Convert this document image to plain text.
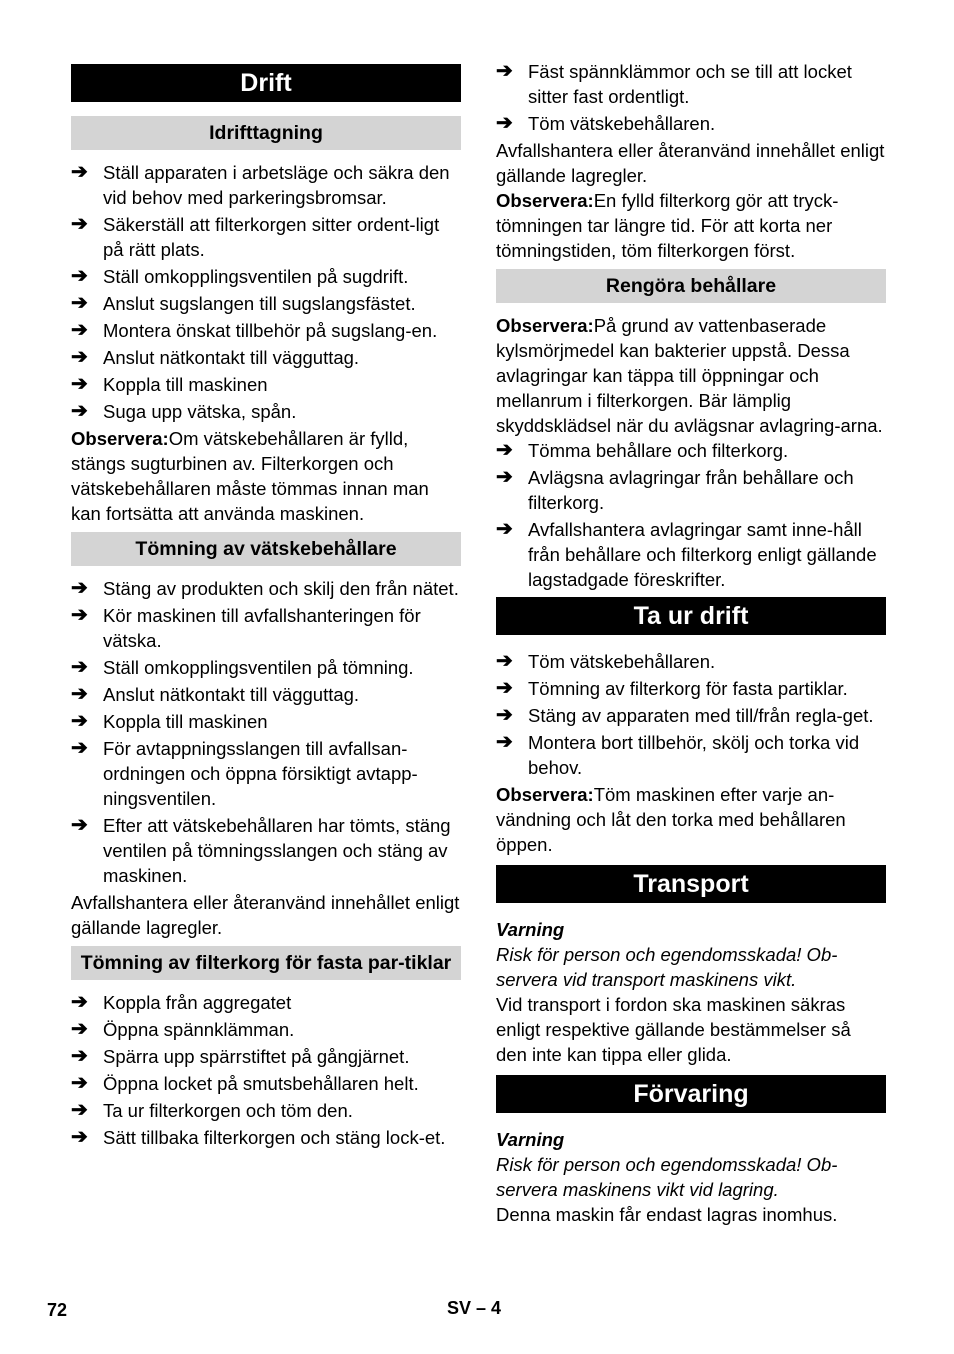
Drift
Idrifttagning
➔ Ställ apparaten i arbetsläge och säkra den vid behov med parkeringsbromsar.
➔ Säkerställ att filterkorgen sitter ordent-ligt på rätt plats.
➔ Ställ omkopplingsventilen på sugdrift.
➔ Anslut sugslangen till sugslangsfästet.
➔ Montera önskat tillbehör på sugslang-en.
➔ Anslut nätkontakt till vägguttag.
➔ Koppla till maskinen
➔ Suga upp vätska, spån.

Observera:Om vätskebehållaren är fylld, stängs sugturbinen av. Filterkorgen och vätskebehållaren måste tömmas innan man kan fortsätta att använda maskinen.

Tömning av vätskebehållare
➔ Stäng av produkten och skilj den från nätet.
➔ Kör maskinen till avfallshanteringen för vätska.
➔ Ställ omkopplingsventilen på tömning.
➔ Anslut nätkontakt till vägguttag.
➔ Koppla till maskinen
➔ För avtappningsslangen till avfallsan-ordningen och öppna försiktigt avtapp-ningsventilen.
➔ Efter att vätskebehållaren har tömts, stäng ventilen på tömningsslangen och stäng av maskinen.

Avfallshantera eller återanvänd innehållet enligt gällande lagregler.

Tömning av filterkorg för fasta par-tiklar
➔ Koppla från aggregatet
➔ Öppna spännklämman.
➔ Spärra upp spärrstiftet på gångjärnet.
➔ Öppna locket på smutsbehållaren helt.
➔ Ta ur filterkorgen och töm den.
➔ Sätt tillbaka filterkorgen och stäng lock-et.
➔ Fäst spännklämmor och se till att locket sitter fast ordentligt.
➔ Töm vätskebehållaren.

Avfallshantera eller återanvänd innehållet enligt gällande lagregler.

Observera:En fylld filterkorg gör att tryck-tömningen tar längre tid. För att korta ner tömningstiden, töm filterkorgen först.

Rengöra behållare

Observera:På grund av vattenbaserade kylsmörjmedel kan bakterier uppstå. Dessa avlagringar kan täppa till öppningar och mellanrum i filterkorgen. Bär lämplig skyddsklädsel när du avlägsnar avlagring-arna.

➔ Tömma behållare och filterkorg.
➔ Avlägsna avlagringar från behållare och filterkorg.
➔ Avfallshantera avlagringar samt inne-håll från behållare och filterkorg enligt gällande lagstadgade föreskrifter.
Ta ur drift
➔ Töm vätskebehållaren.
➔ Tömning av filterkorg för fasta partiklar.
➔ Stäng av apparaten med till/från regla-get.
➔ Montera bort tillbehör, skölj och torka vid behov.

Observera:Töm maskinen efter varje an-vändning och låt den torka med behållaren öppen.

Transport

Varning

Risk för person och egendomsskada! Ob-servera vid transport maskinens vikt.

Vid transport i fordon ska maskinen säkras enligt respektive gällande bestämmelser så den inte kan tippa eller glida.

Förvaring

Varning

Risk för person och egendomsskada! Ob-servera maskinens vikt vid lagring.

Denna maskin får endast lagras inomhus.

72	SV – 4
